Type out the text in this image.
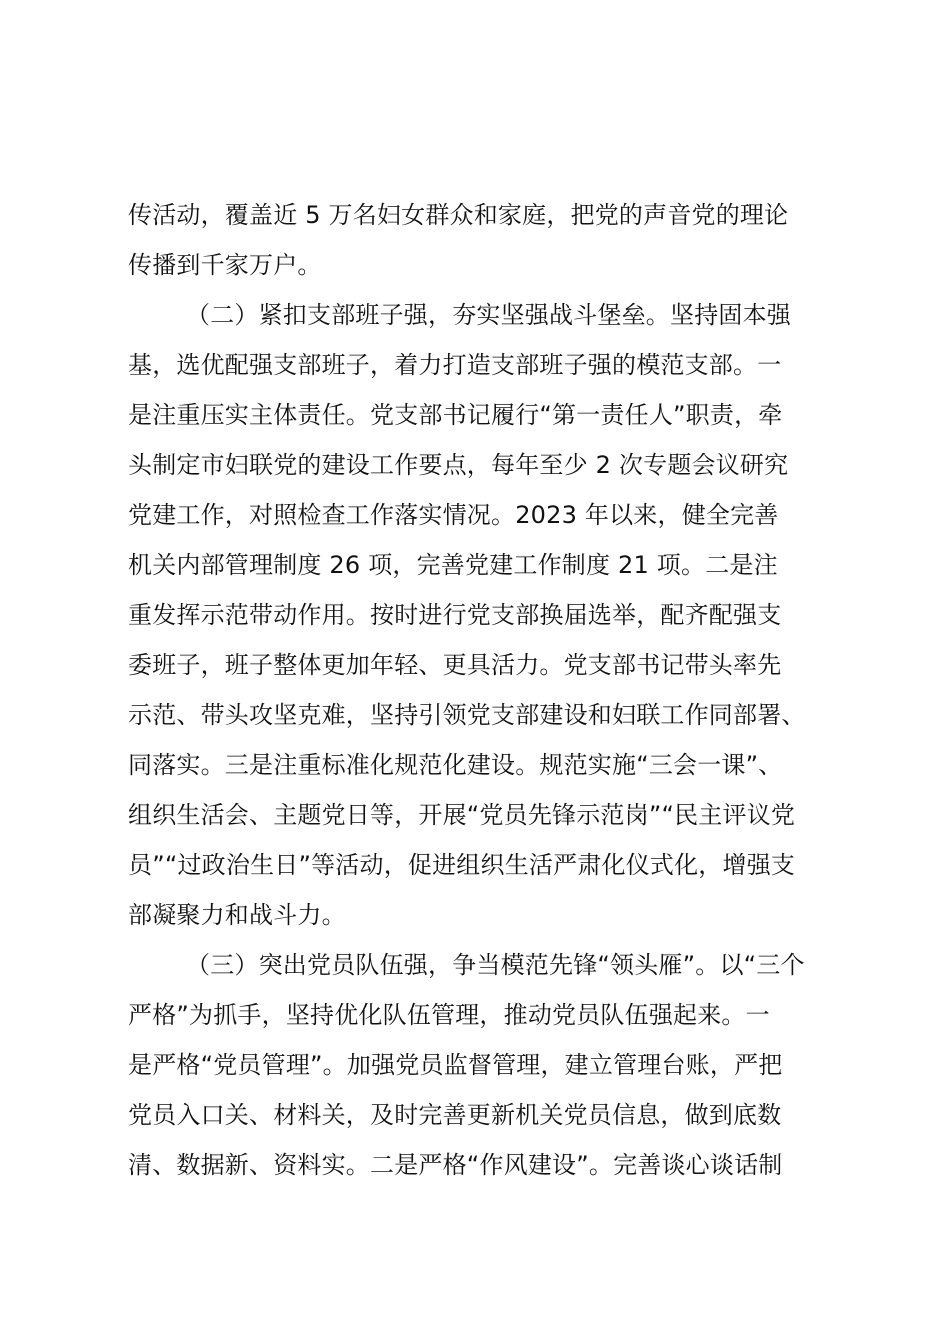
传活动，覆盖近 5 万名妇女群众和家庭，把党的声音党的理论
传播到千家万户。
（二）紧扣支部班子强，夯实坚强战斗堡垒。坚持固本强
基，选优配强支部班子，着力打造支部班子强的模范支部。一
是注重压实主体责任。党支部书记履行“第一责任人”职责，牵
头制定市妇联党的建设工作要点，每年至少 2 次专题会议研究
党建工作，对照检查工作落实情况。2023 年以来，健全完善
机关内部管理制度 26 项，完善党建工作制度 21 项。二是注
重发挥示范带动作用。按时进行党支部换届选举，配齐配强支
委班子，班子整体更加年轻、更具活力。党支部书记带头率先
示范、带头攻坚克难，坚持引领党支部建设和妇联工作同部署、
同落实。三是注重标准化规范化建设。规范实施“三会一课”、
组织生活会、主题党日等，开展“党员先锋示范岗”“民主评议党
员”“过政治生日”等活动，促进组织生活严肃化仪式化，增强支
部凝聚力和战斗力。
（三）突出党员队伍强，争当模范先锋“领头雁”。以“三个
严格”为抓手，坚持优化队伍管理，推动党员队伍强起来。一
是严格“党员管理”。加强党员监督管理，建立管理台账，严把
党员入口关、材料关，及时完善更新机关党员信息，做到底数
清、数据新、资料实。二是严格“作风建设”。完善谈心谈话制
